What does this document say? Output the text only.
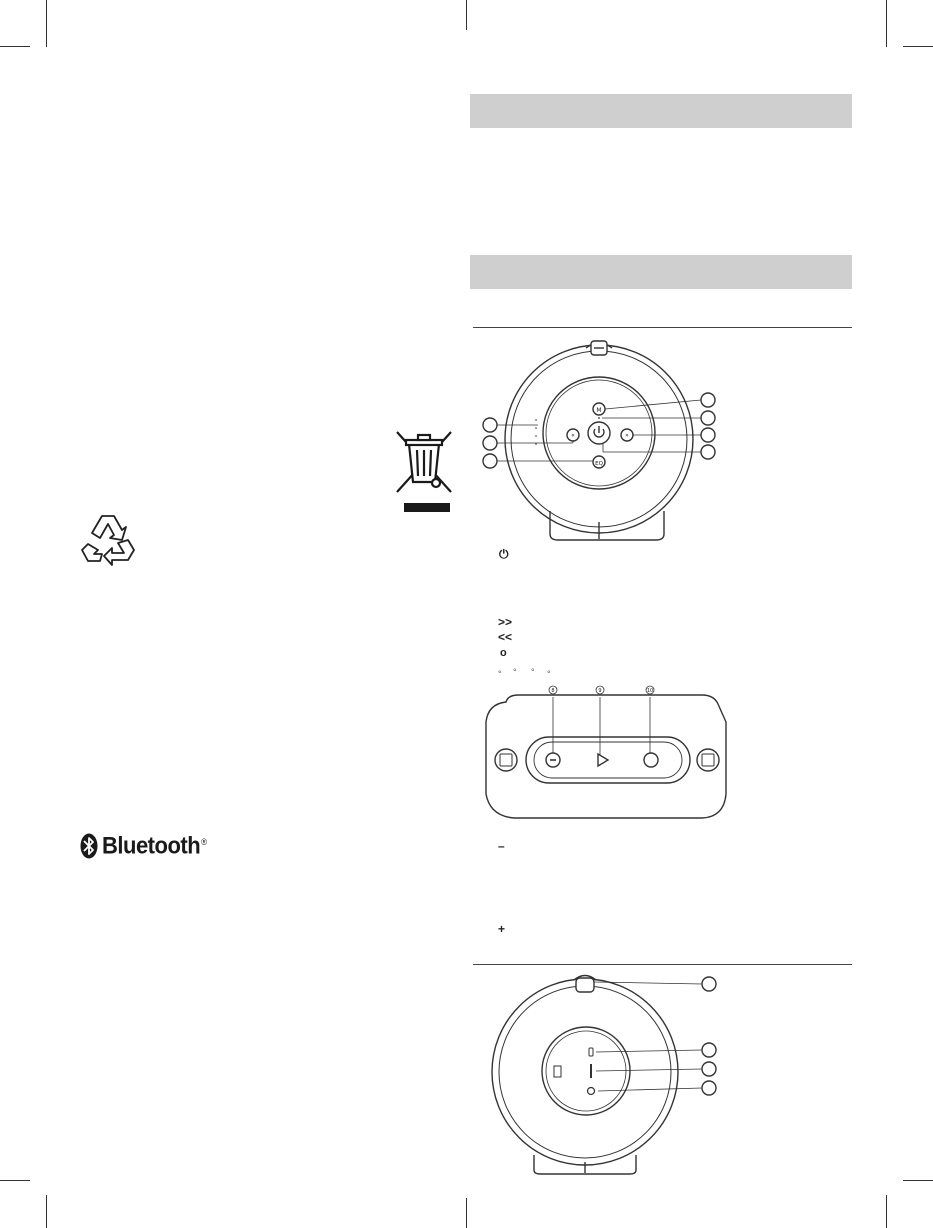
Bluetooth®
M
EQ
«	»
⏻
>>
<<
o
° ° ° °
8	9	10
–
+
